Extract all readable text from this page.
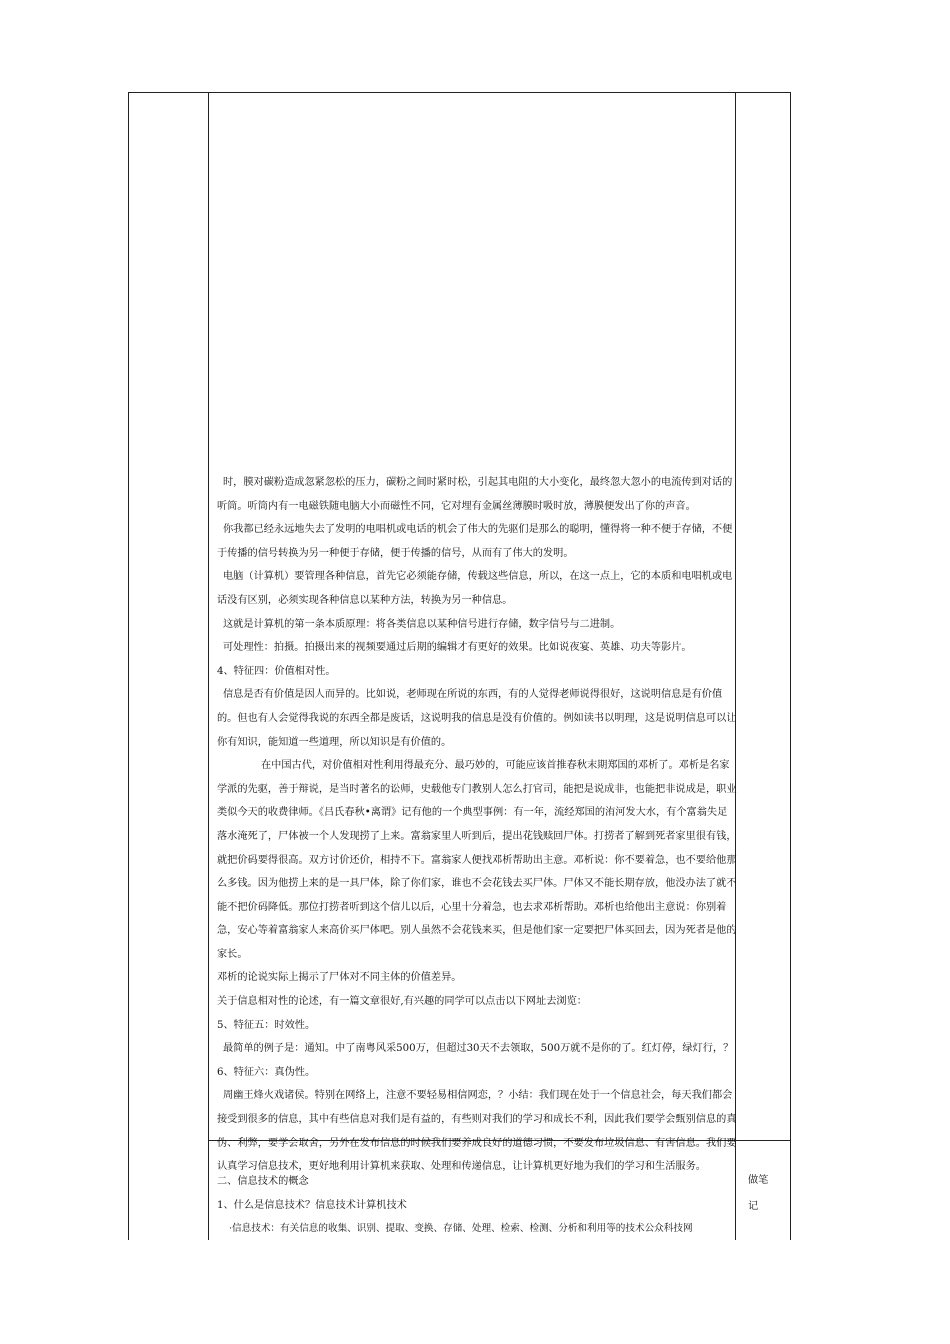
时，膜对碳粉造成忽紧忽松的压力，碳粉之间时紧时松，引起其电阻的大小变化，最终忽大忽小的电流传到对话的听筒。听筒内有一电磁铁随电脑大小而磁性不同，它对埋有金属丝薄膜时吸时放，薄膜便发出了你的声音。

你我都已经永远地失去了发明的电唱机或电话的机会了伟大的先驱们是那么的聪明，懂得将一种不便于存储，不便于传播的信号转换为另一种便于存储，便于传播的信号，从而有了伟大的发明。

电脑（计算机）要管理各种信息，首先它必须能存储，传载这些信息，所以，在这一点上，它的本质和电唱机或电话没有区别，必须实现各种信息以某种方法，转换为另一种信息。

这就是计算机的第一条本质原理：将各类信息以某种信号进行存储，数字信号与二进制。

可处理性：拍摄。拍摄出来的视频要通过后期的编辑才有更好的效果。比如说夜宴、英雄、功夫等影片。

4、特征四：价值相对性。

信息是否有价值是因人而异的。比如说，老师现在所说的东西，有的人觉得老师说得很好，这说明信息是有价值的。但也有人会觉得我说的东西全都是废话，这说明我的信息是没有价值的。例如读书以明理，这是说明信息可以让你有知识，能知道一些道理，所以知识是有价值的。

在中国古代，对价值相对性利用得最充分、最巧妙的，可能应该首推春秋末期郑国的邓析了。邓析是名家学派的先驱，善于辩说，是当时著名的讼师，史载他专门教别人怎么打官司，能把是说成非，也能把非说成是，职业类似今天的收费律师。《吕氏春秋•离谓》记有他的一个典型事例：有一年，流经郑国的洧河发大水，有个富翁失足落水淹死了，尸体被一个人发现捞了上来。富翁家里人听到后，提出花钱赎回尸体。打捞者了解到死者家里很有钱，就把价码要得很高。双方讨价还价，相持不下。富翁家人便找邓析帮助出主意。邓析说：你不要着急，也不要给他那么多钱。因为他捞上来的是一具尸体，除了你们家，谁也不会花钱去买尸体。尸体又不能长期存放，他没办法了就不能不把价码降低。那位打捞者听到这个信儿以后，心里十分着急，也去求邓析帮助。邓析也给他出主意说：你别着急，安心等着富翁家人来高价买尸体吧。别人虽然不会花钱来买，但是他们家一定要把尸体买回去，因为死者是他的家长。

邓析的论说实际上揭示了尸体对不同主体的价值差异。

关于信息相对性的论述，有一篇文章很好,有兴趣的同学可以点击以下网址去浏览：

5、特征五：时效性。

最简单的例子是：通知。中了南粤风采500万，但超过30天不去领取，500万就不是你的了。红灯停，绿灯行，？

6、特征六：真伪性。

周幽王烽火戏诸侯。特别在网络上，注意不要轻易相信网恋，？小结：我们现在处于一个信息社会，每天我们都会接受到很多的信息，其中有些信息对我们是有益的，有些则对我们的学习和成长不利，因此我们要学会甄别信息的真伪、利弊，要学会取舍，另外在发布信息的时候我们要养成良好的道德习惯，不要发布垃圾信息、有害信息。我们要认真学习信息技术，更好地利用计算机来获取、处理和传递信息，让计算机更好地为我们的学习和生活服务。

二、信息技术的概念

1、什么是信息技术？信息技术计算机技术

·信息技术：有关信息的收集、识别、提取、变换、存储、处理、检索、检测、分析和利用等的技术公众科技网

做笔
记
